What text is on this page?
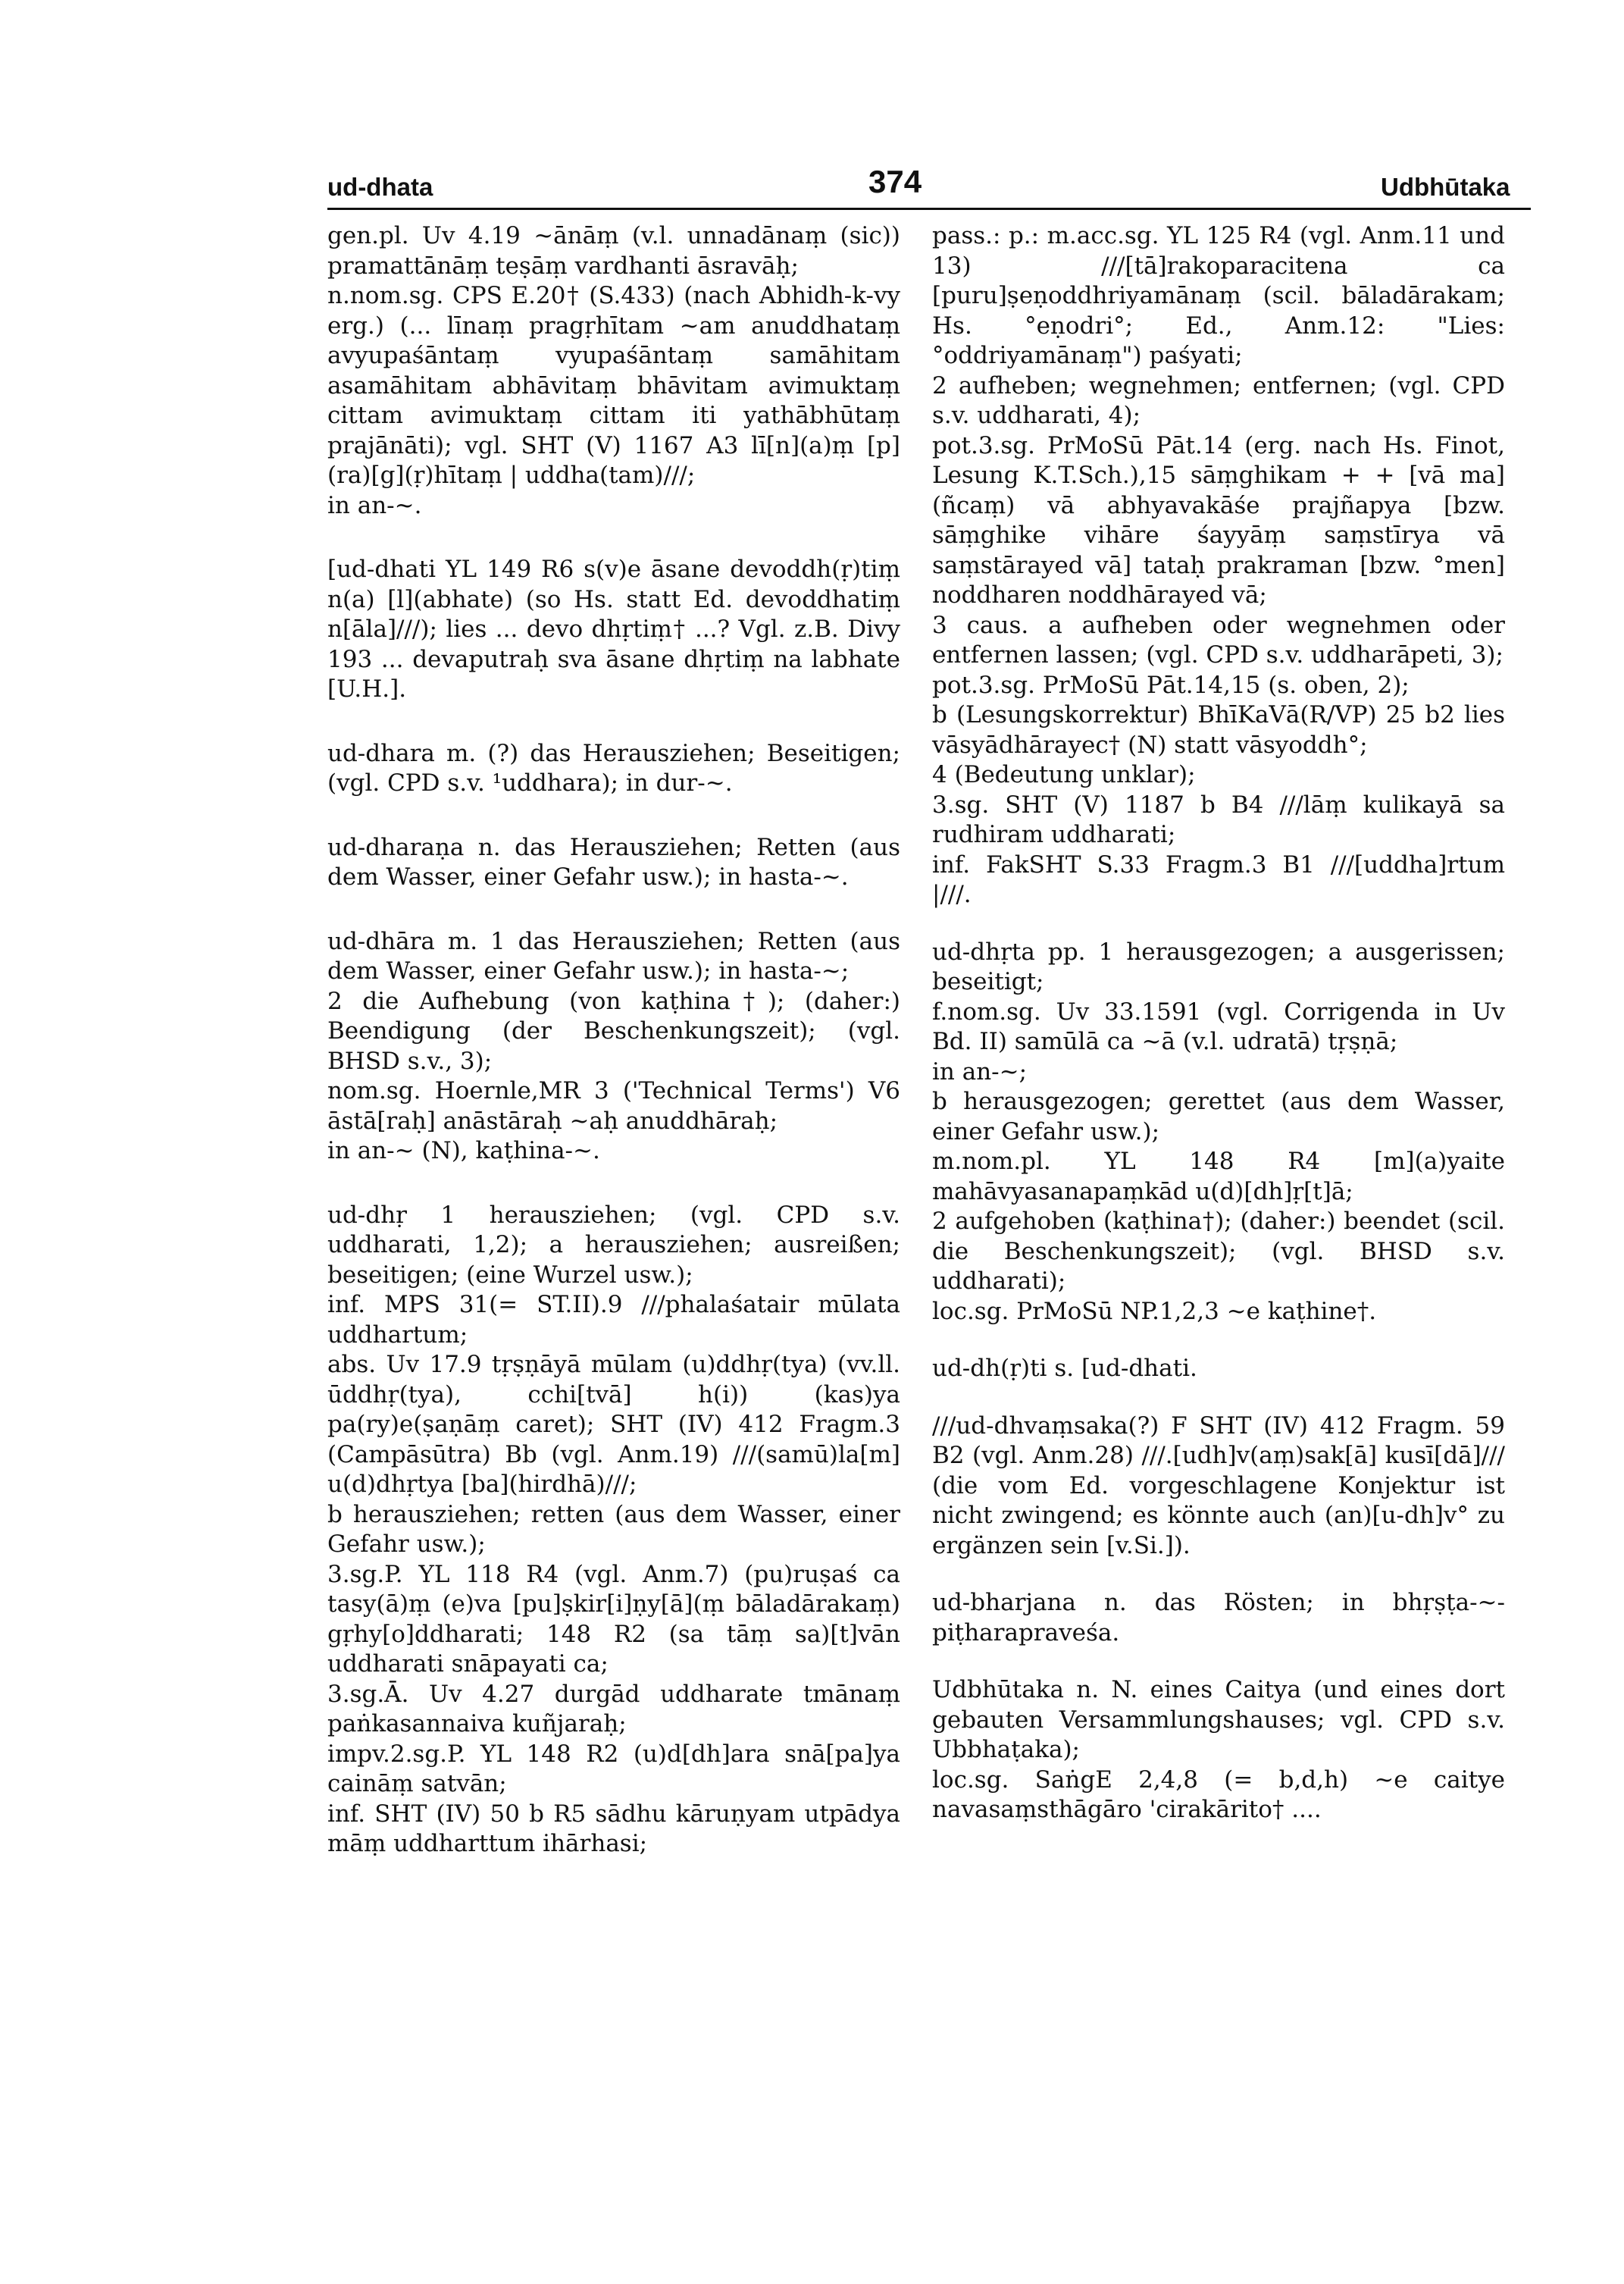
ud-dhata	374	Udbhūtaka

gen.pl. Uv 4.19 ~ānāṃ (v.l. unnadānaṃ (sic)) pramattānāṃ teṣāṃ vardhanti āsravāḥ;

n.nom.sg. CPS E.20† (S.433) (nach Abhidh-k-vy erg.) (... līnaṃ pragṛhītam ~am anuddhataṃ avyupaśāntaṃ vyupaśāntaṃ samāhitam asamāhitam abhāvitaṃ bhāvitam avimuktaṃ cittam avimuktaṃ cittam iti yathābhūtaṃ prajānāti); vgl. SHT (V) 1167 A3 lī[n](a)ṃ [p](ra)[g](ṛ)hītaṃ | uddha(tam)///;

in an-~.

[ud-dhati YL 149 R6 s(v)e āsane devoddh(ṛ)tiṃ n(a) [l](abhate) (so Hs. statt Ed. devoddhatiṃ n[āla]///); lies ... devo dhṛtiṃ† ...? Vgl. z.B. Divy 193 ... devaputraḥ sva āsane dhṛtiṃ na labhate [U.H.].

ud-dhara m. (?) das Herausziehen; Beseitigen; (vgl. CPD s.v. ¹uddhara); in dur-~.

ud-dharaṇa n. das Herausziehen; Retten (aus dem Wasser, einer Gefahr usw.); in hasta-~.

ud-dhāra m. 1 das Herausziehen; Retten (aus dem Wasser, einer Gefahr usw.); in hasta-~;

2 die Aufhebung (von kaṭhina†); (daher:) Beendigung (der Beschenkungszeit); (vgl. BHSD s.v., 3);

nom.sg. Hoernle,MR 3 ('Technical Terms') V6 āstā[raḥ] anāstāraḥ ~aḥ anuddhāraḥ;

in an-~ (N), kaṭhina-~.

ud-dhṛ 1 herausziehen; (vgl. CPD s.v. uddharati, 1,2); a herausziehen; ausreißen; beseitigen; (eine Wurzel usw.);

inf. MPS 31(= ST.II).9 ///phalaśatair mūlata uddhartum;

abs. Uv 17.9 tṛṣṇāyā mūlam (u)ddhṛ(tya) (vv.ll. ūddhṛ(tya), cchi[tvā] h(i)) (kas)ya pa(ry)e(ṣaṇāṃ caret); SHT (IV) 412 Fragm.3 (Campāsūtra) Bb (vgl. Anm.19) ///(samū)la[m] u(d)dhṛtya [ba](hirdhā)///;

b herausziehen; retten (aus dem Wasser, einer Gefahr usw.);

3.sg.P. YL 118 R4 (vgl. Anm.7) (pu)ruṣaś ca tasy(ā)ṃ (e)va [pu]ṣkir[i]ṇy[ā](ṃ bāladārakaṃ) gṛhy[o]ddharati; 148 R2 (sa tāṃ sa)[t]vān uddharati snāpayati ca;

3.sg.Ā. Uv 4.27 durgād uddharate tmānaṃ paṅkasannaiva kuñjaraḥ;

impv.2.sg.P. YL 148 R2 (u)d[dh]ara snā[pa]ya caināṃ satvān;

inf. SHT (IV) 50 b R5 sādhu kāruṇyam utpādya māṃ uddharttum ihārhasi;

pass.: p.: m.acc.sg. YL 125 R4 (vgl. Anm.11 und 13) ///[tā]rakoparacitena ca [puru]ṣeṇoddhriyamānaṃ (scil. bāladārakam; Hs. °eṇodri°; Ed., Anm.12: "Lies: °oddriyamānaṃ") paśyati;

2 aufheben; wegnehmen; entfernen; (vgl. CPD s.v. uddharati, 4);

pot.3.sg. PrMoSū Pāt.14 (erg. nach Hs. Finot, Lesung K.T.Sch.),15 sāṃghikam + + [vā ma](ñcaṃ) vā abhyavakāśe prajñapya [bzw. sāṃghike vihāre śayyāṃ saṃstīrya vā saṃstārayed vā] tataḥ prakraman [bzw. °men] noddharen noddhārayed vā;

3 caus. a aufheben oder wegnehmen oder entfernen lassen; (vgl. CPD s.v. uddharāpeti, 3);

pot.3.sg. PrMoSū Pāt.14,15 (s. oben, 2);

b (Lesungskorrektur) BhīKaVā(R/VP) 25 b2 lies vāsyādhārayec† (N) statt vāsyoddh°;

4 (Bedeutung unklar);

3.sg. SHT (V) 1187 b B4 ///lāṃ kulikayā sa rudhiram uddharati;

inf. FakSHT S.33 Fragm.3 B1 ///[uddha]rtum |///.

ud-dhṛta pp. 1 herausgezogen; a ausgerissen; beseitigt;

f.nom.sg. Uv 33.1591 (vgl. Corrigenda in Uv Bd. II) samūlā ca ~ā (v.l. udratā) tṛṣṇā;

in an-~;

b herausgezogen; gerettet (aus dem Wasser, einer Gefahr usw.);

m.nom.pl. YL 148 R4 [m](a)yaite mahāvyasanapaṃkād u(d)[dh]ṛ[t]ā;

2 aufgehoben (kaṭhina†); (daher:) beendet (scil. die Beschenkungszeit); (vgl. BHSD s.v. uddharati);

loc.sg. PrMoSū NP.1,2,3 ~e kaṭhine†.

ud-dh(ṛ)ti s. [ud-dhati.

///ud-dhvaṃsaka(?) F SHT (IV) 412 Fragm. 59 B2 (vgl. Anm.28) ///.[udh]v(aṃ)sak[ā] kusī[dā]/// (die vom Ed. vorgeschlagene Konjektur ist nicht zwingend; es könnte auch (an)[u-dh]v° zu ergänzen sein [v.Si.]).

ud-bharjana n. das Rösten; in bhṛṣṭa-~-piṭharapraveśa.

Udbhūtaka n. N. eines Caitya (und eines dort gebauten Versammlungshauses; vgl. CPD s.v. Ubbhaṭaka);

loc.sg. SaṅgE 2,4,8 (= b,d,h) ~e caitye navasaṃsthāgāro 'cirakārito† ....
